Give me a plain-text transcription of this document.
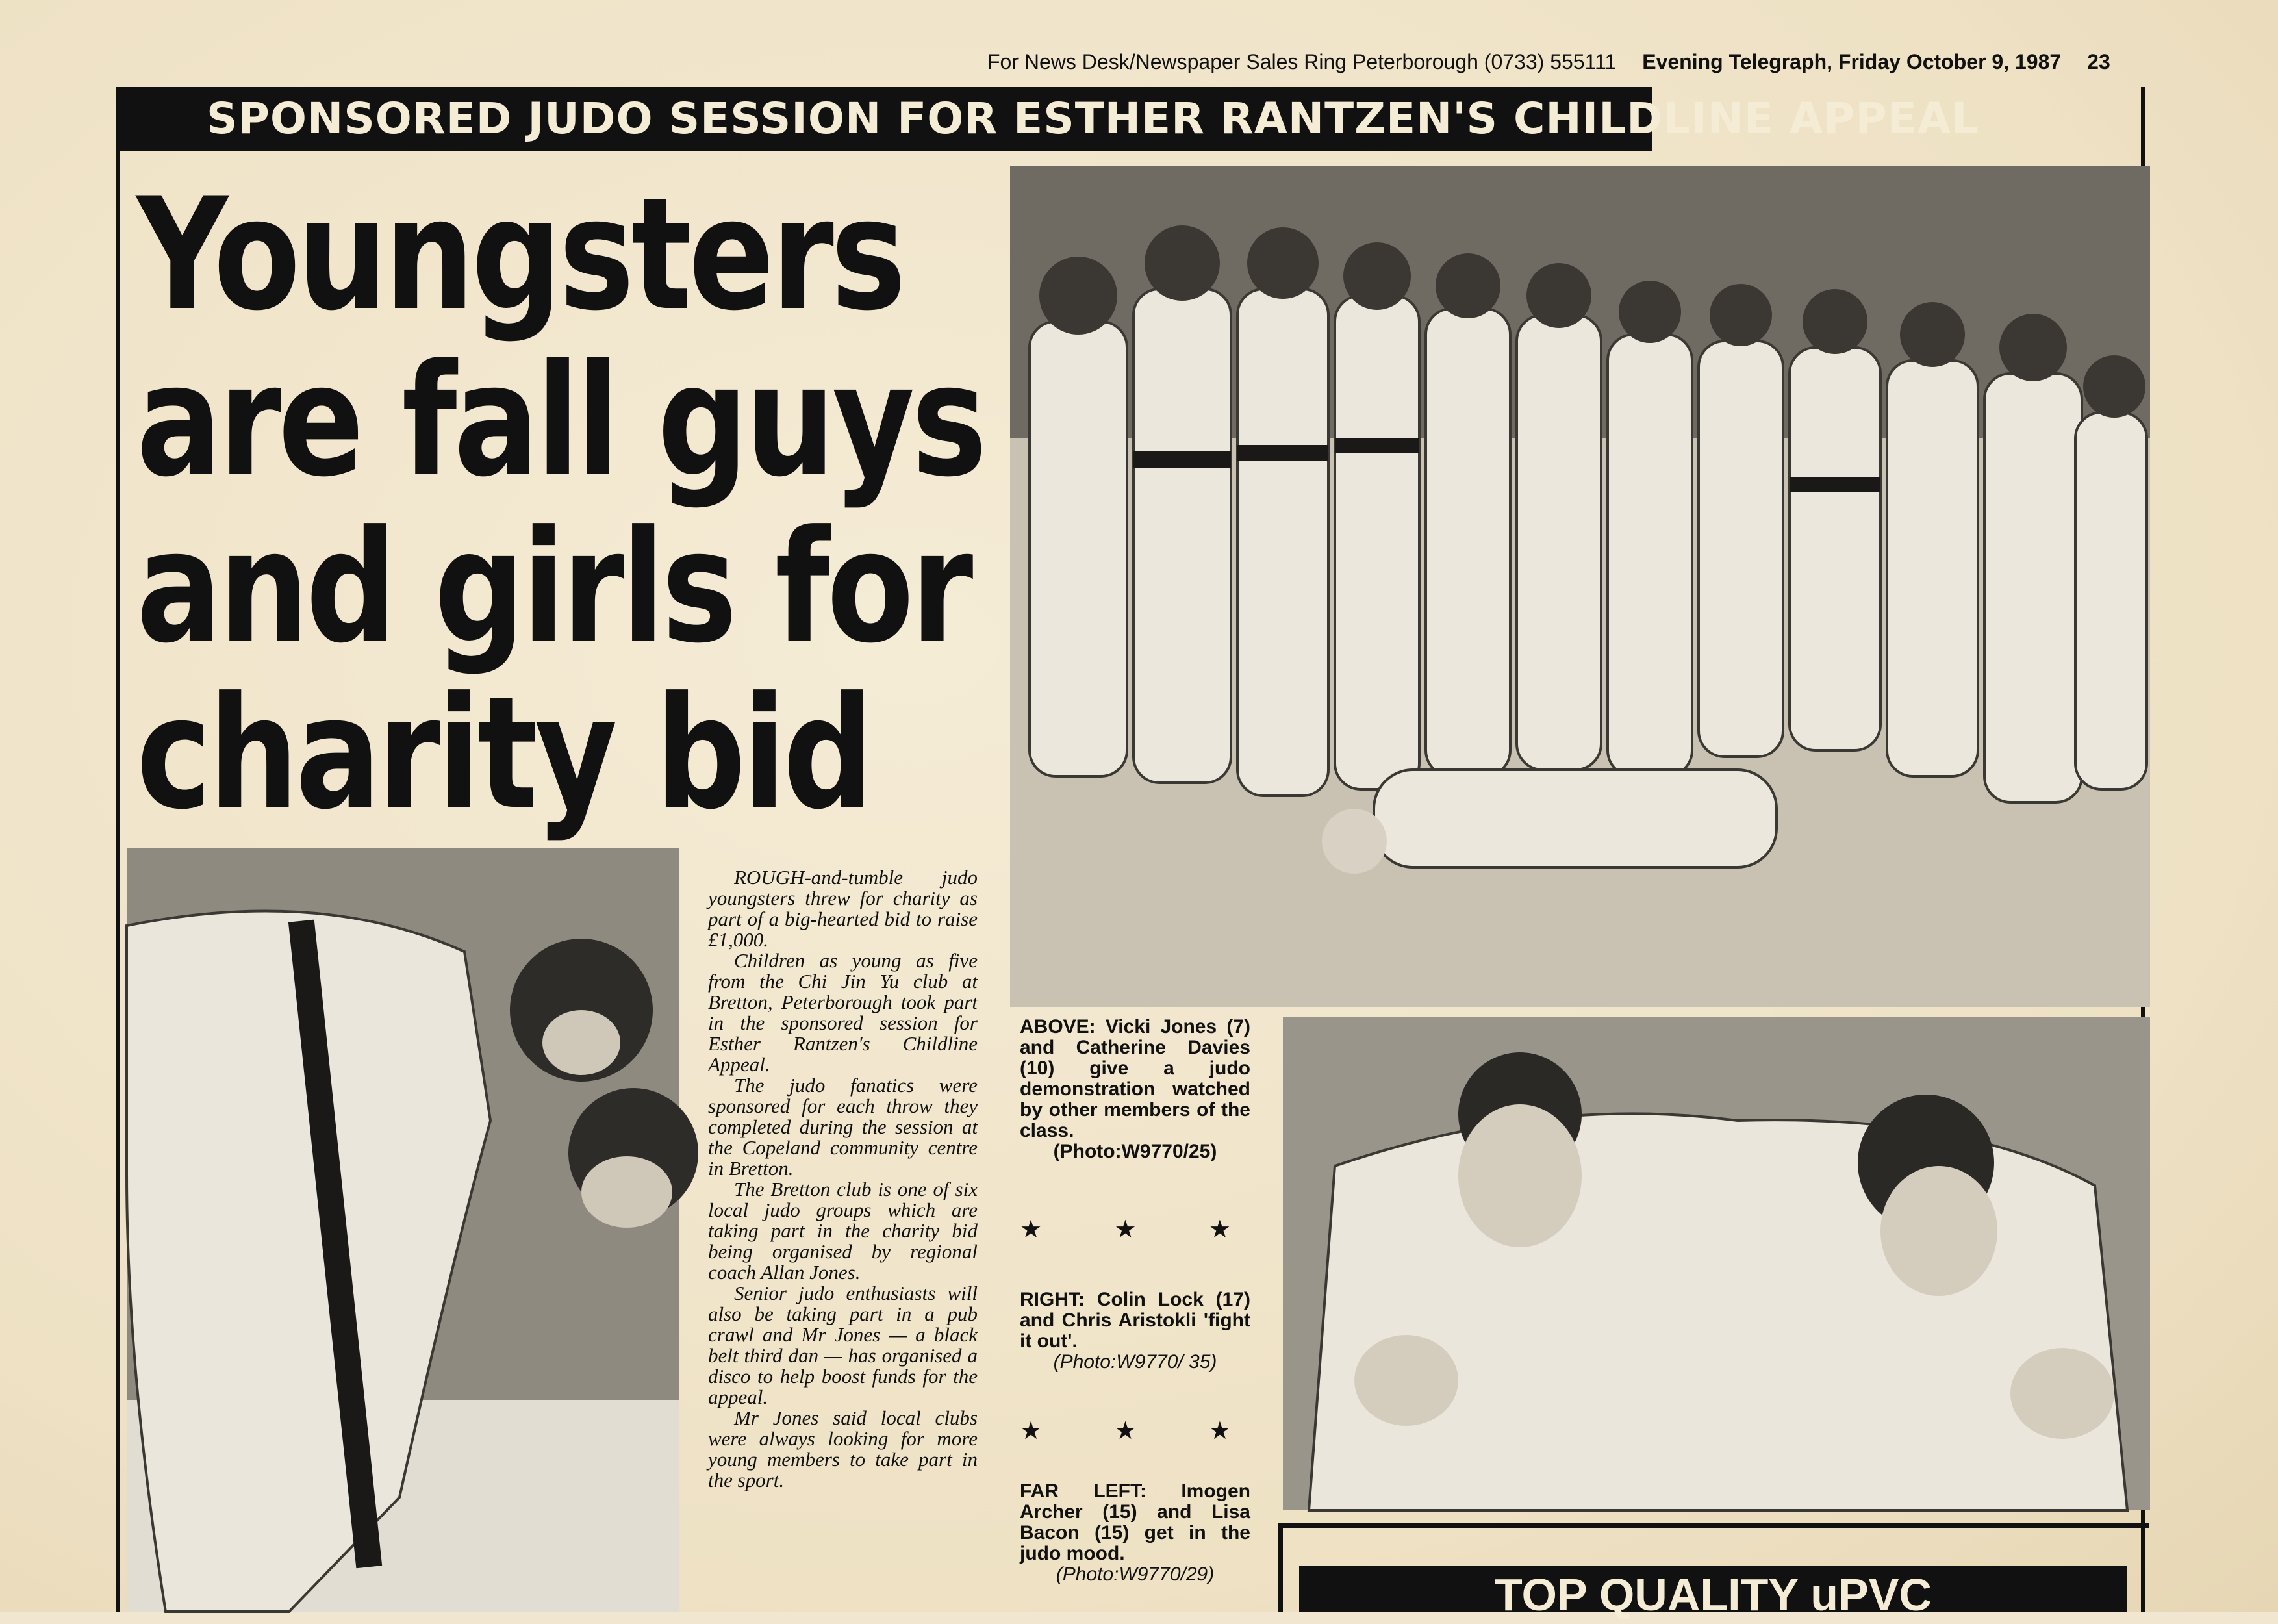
For News Desk/Newspaper Sales Ring Peterborough (0733) 555111 Evening Telegraph, Friday October 9, 1987 23
SPONSORED JUDO SESSION FOR ESTHER RANTZEN'S CHILDLINE APPEAL
Youngsters
are fall guys
and girls for
charity bid

ROUGH-and-tumble judo youngsters threw for charity as part of a big-hearted bid to raise £1,000.

Children as young as five from the Chi Jin Yu club at Bretton, Peterborough took part in the sponsored session for Esther Rantzen's Childline Appeal.

The judo fanatics were sponsored for each throw they completed during the session at the Copeland community centre in Bretton.

The Bretton club is one of six local judo groups which are taking part in the charity bid being organised by regional coach Allan Jones.

Senior judo enthusiasts will also be taking part in a pub crawl and Mr Jones — a black belt third dan — has organised a disco to help boost funds for the appeal.

Mr Jones said local clubs were always looking for more young members to take part in the sport.

ABOVE: Vicki Jones (7) and Catherine Davies (10) give a judo demonstration watched by other members of the class.
(Photo:W9770/25)
★	★	★
RIGHT: Colin Lock (17) and Chris Aristokli 'fight it out'.
(Photo:W9770/ 35)
★	★	★
FAR LEFT: Imogen Archer (15) and Lisa Bacon (15) get in the judo mood.
(Photo:W9770/29)	TOP QUALITY uPVC
